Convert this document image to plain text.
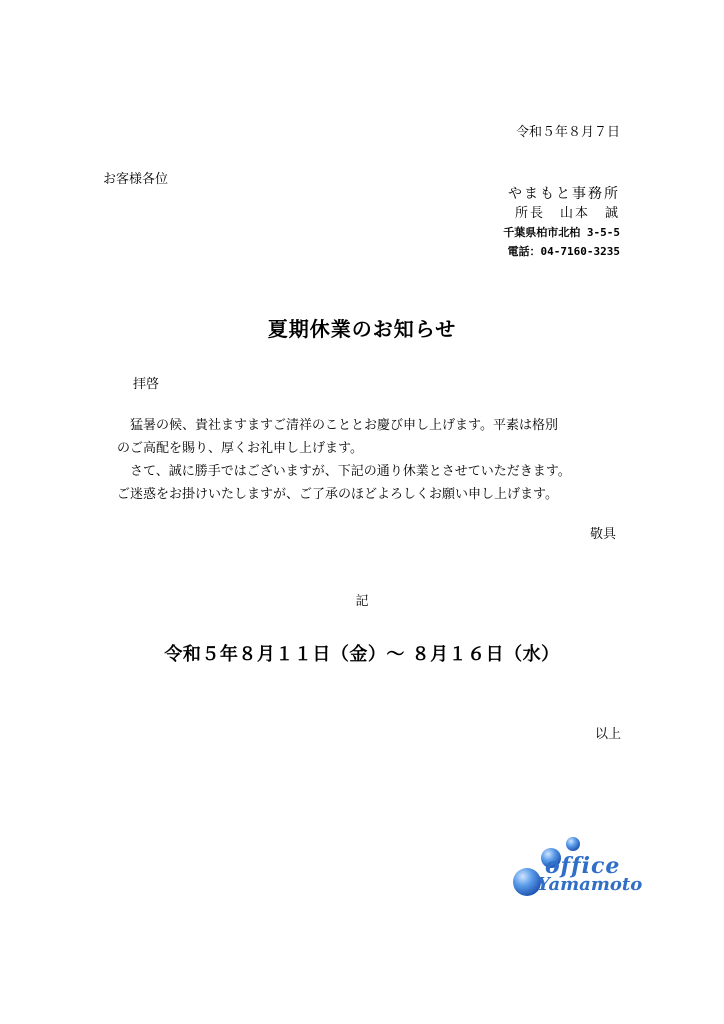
令和５年８月７日
お客様各位
やまもと事務所
所長　山本　誠
千葉県柏市北柏 3-5-5
電話：04-7160-3235
夏期休業のお知らせ
拝啓

猛暑の候、貴社ますますご清祥のこととお慶び申し上げます。平素は格別

のご高配を賜り、厚くお礼申し上げます。

さて、誠に勝手ではございますが、下記の通り休業とさせていただきます。

ご迷惑をお掛けいたしますが、ご了承のほどよろしくお願い申し上げます。

敬具
記
令和５年８月１１日（金）～ ８月１６日（水）
以上
office
Yamamoto
